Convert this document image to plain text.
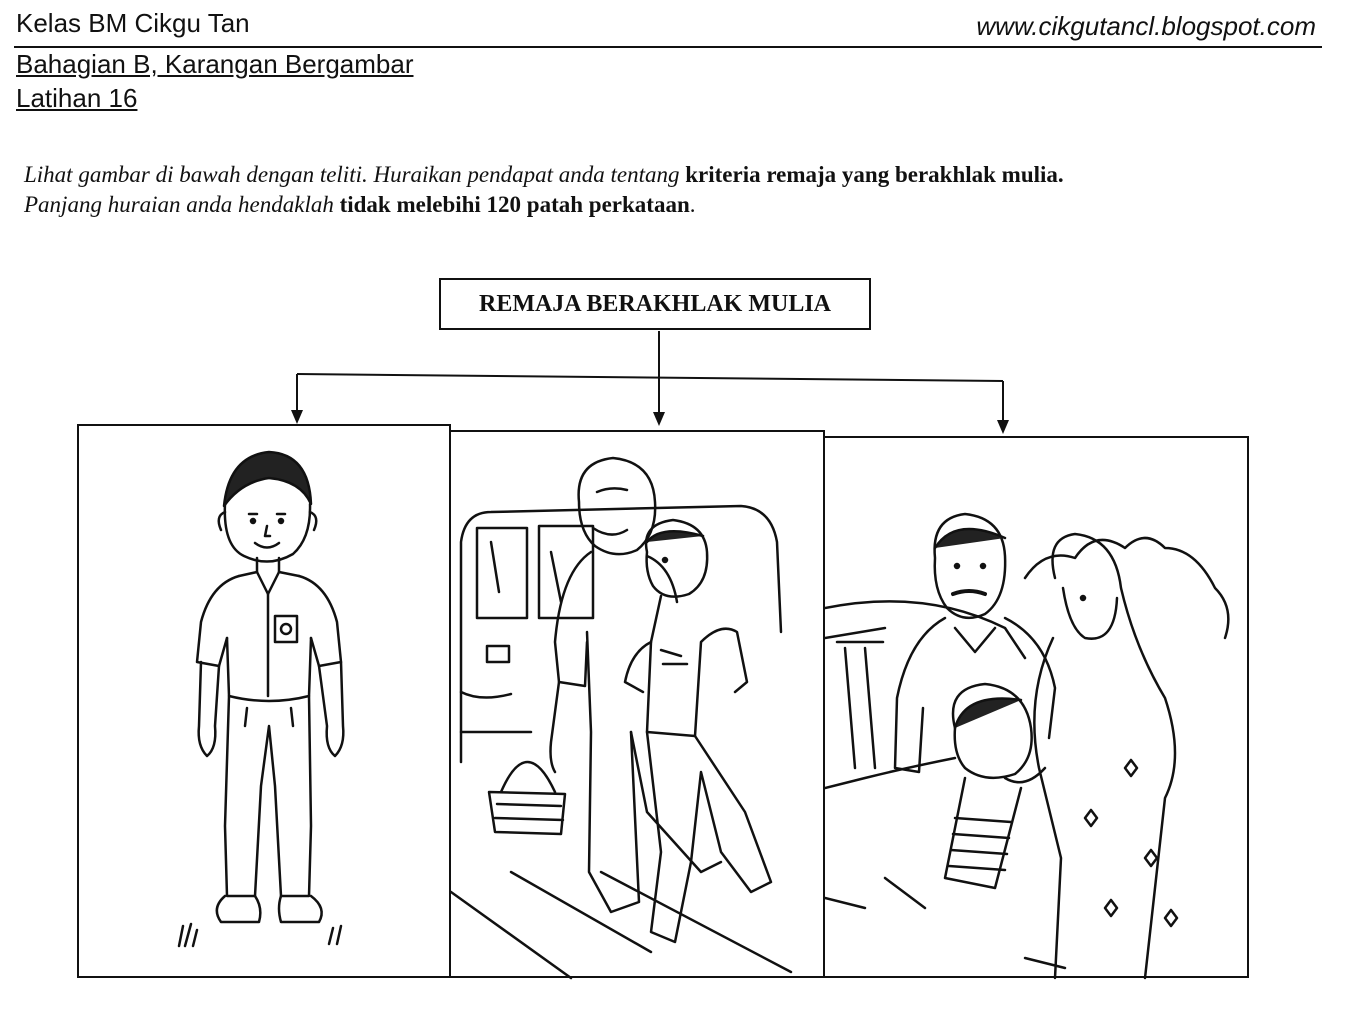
Kelas BM Cikgu Tan	www.cikgutancl.blogspot.com
Bahagian B, Karangan Bergambar
Latihan 16
Lihat gambar di bawah dengan teliti. Huraikan pendapat anda tentang kriteria remaja yang berakhlak mulia.
Panjang huraian anda hendaklah tidak melebihi 120 patah perkataan.
REMAJA BERAKHLAK MULIA
